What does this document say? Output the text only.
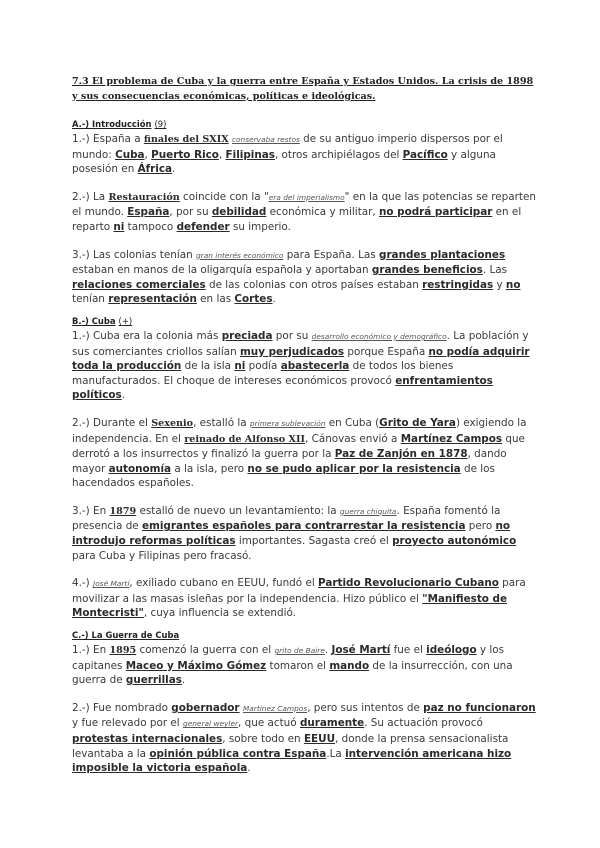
7.3 El problema de Cuba y la guerra entre España y Estados Unidos. La crisis de 1898 y sus consecuencias económicas, políticas e ideológicas.
A.-) Introducción (9)

1.-) España a finales del SXIX conservaba restos de su antiguo imperio dispersos por el mundo: Cuba, Puerto Rico, Filipinas, otros archipiélagos del Pacífico y alguna posesión en África.

2.-) La Restauración coincide con la "era del imperialismo" en la que las potencias se reparten el mundo. España, por su debilidad económica y militar, no podrá participar en el reparto ni tampoco defender su imperio.

3.-) Las colonias tenían gran interés económico para España. Las grandes plantaciones estaban en manos de la oligarquía española y aportaban grandes beneficios. Las relaciones comerciales de las colonias con otros países estaban restringidas y no tenían representación en las Cortes.

B.-) Cuba (+)

1.-) Cuba era la colonia más preciada por su desarrollo económico y demográfico. La población y sus comerciantes criollos salían muy perjudicados porque España no podía adquirir toda la producción de la isla ni podía abastecerla de todos los bienes manufacturados. El choque de intereses económicos provocó enfrentamientos políticos.

2.-) Durante el Sexenio, estalló la primera sublevación en Cuba (Grito de Yara) exigiendo la independencia. En el reinado de Alfonso XII, Cánovas envió a Martínez Campos que derrotó a los insurrectos y finalizó la guerra por la Paz de Zanjón en 1878, dando mayor autonomía a la isla, pero no se pudo aplicar por la resistencia de los hacendados españoles.

3.-) En 1879 estalló de nuevo un levantamiento: la guerra chiquita. España fomentó la presencia de emigrantes españoles para contrarrestar la resistencia pero no introdujo reformas políticas importantes. Sagasta creó el proyecto autonómico para Cuba y Filipinas pero fracasó.

4.-) José Martí, exiliado cubano en EEUU, fundó el Partido Revolucionario Cubano para movilizar a las masas isleñas por la independencia. Hizo público el "Manifiesto de Montecristi", cuya influencia se extendió.

C.-) La Guerra de Cuba

1.-) En 1895 comenzó la guerra con el grito de Baire. José Martí fue el ideólogo y los capitanes Maceo y Máximo Gómez tomaron el mando de la insurrección, con una guerra de guerrillas.

2.-) Fue nombrado gobernador Martínez Campos, pero sus intentos de paz no funcionaron y fue relevado por el general weyler, que actuó duramente. Su actuación provocó protestas internacionales, sobre todo en EEUU, donde la prensa sensacionalista levantaba a la opinión pública contra España.La intervención americana hizo imposible la victoria española.
